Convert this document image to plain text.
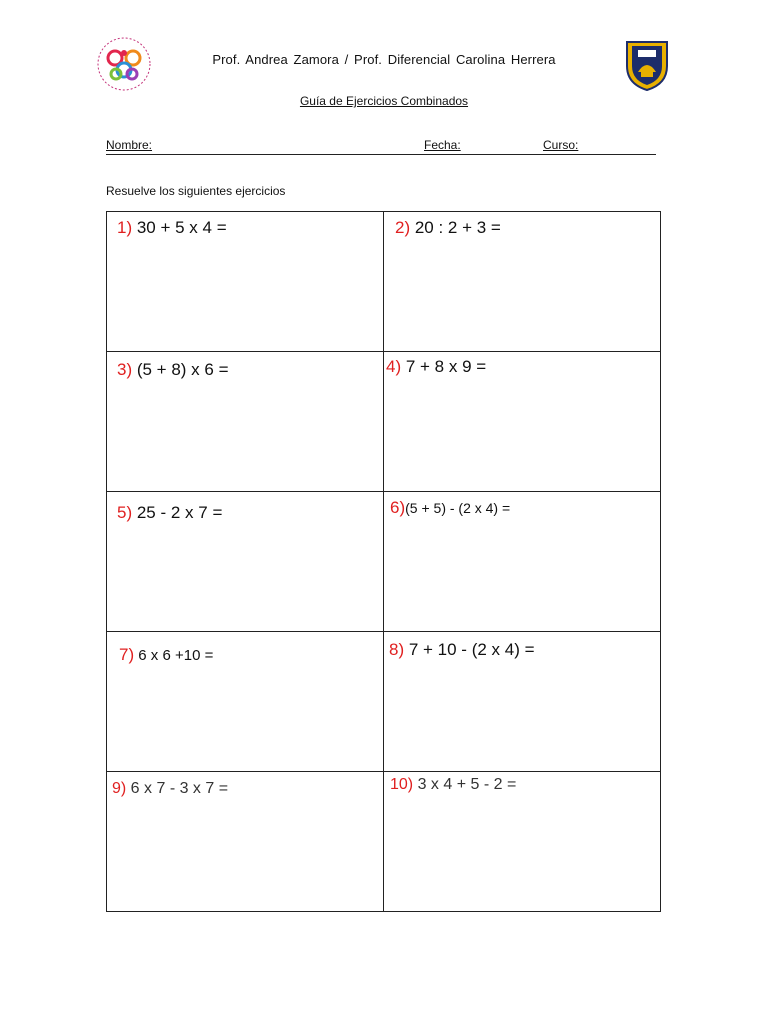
Prof. Andrea Zamora / Prof. Diferencial Carolina Herrera
Guía de Ejercicios Combinados
Nombre:	Fecha:	Curso:
Resuelve los siguientes ejercicios
1) 30 + 5 x 4 =	2) 20 : 2 + 3 =

3) (5 + 8) x 6 =	4) 7 + 8 x 9 =

5) 25 - 2 x 7 =	6)(5 + 5) - (2 x 4) =

7) 6 x 6 +10 =	8) 7 + 10 - (2 x 4) =

9) 6 x 7 - 3 x 7 =	10) 3 x 4 + 5 - 2 =
